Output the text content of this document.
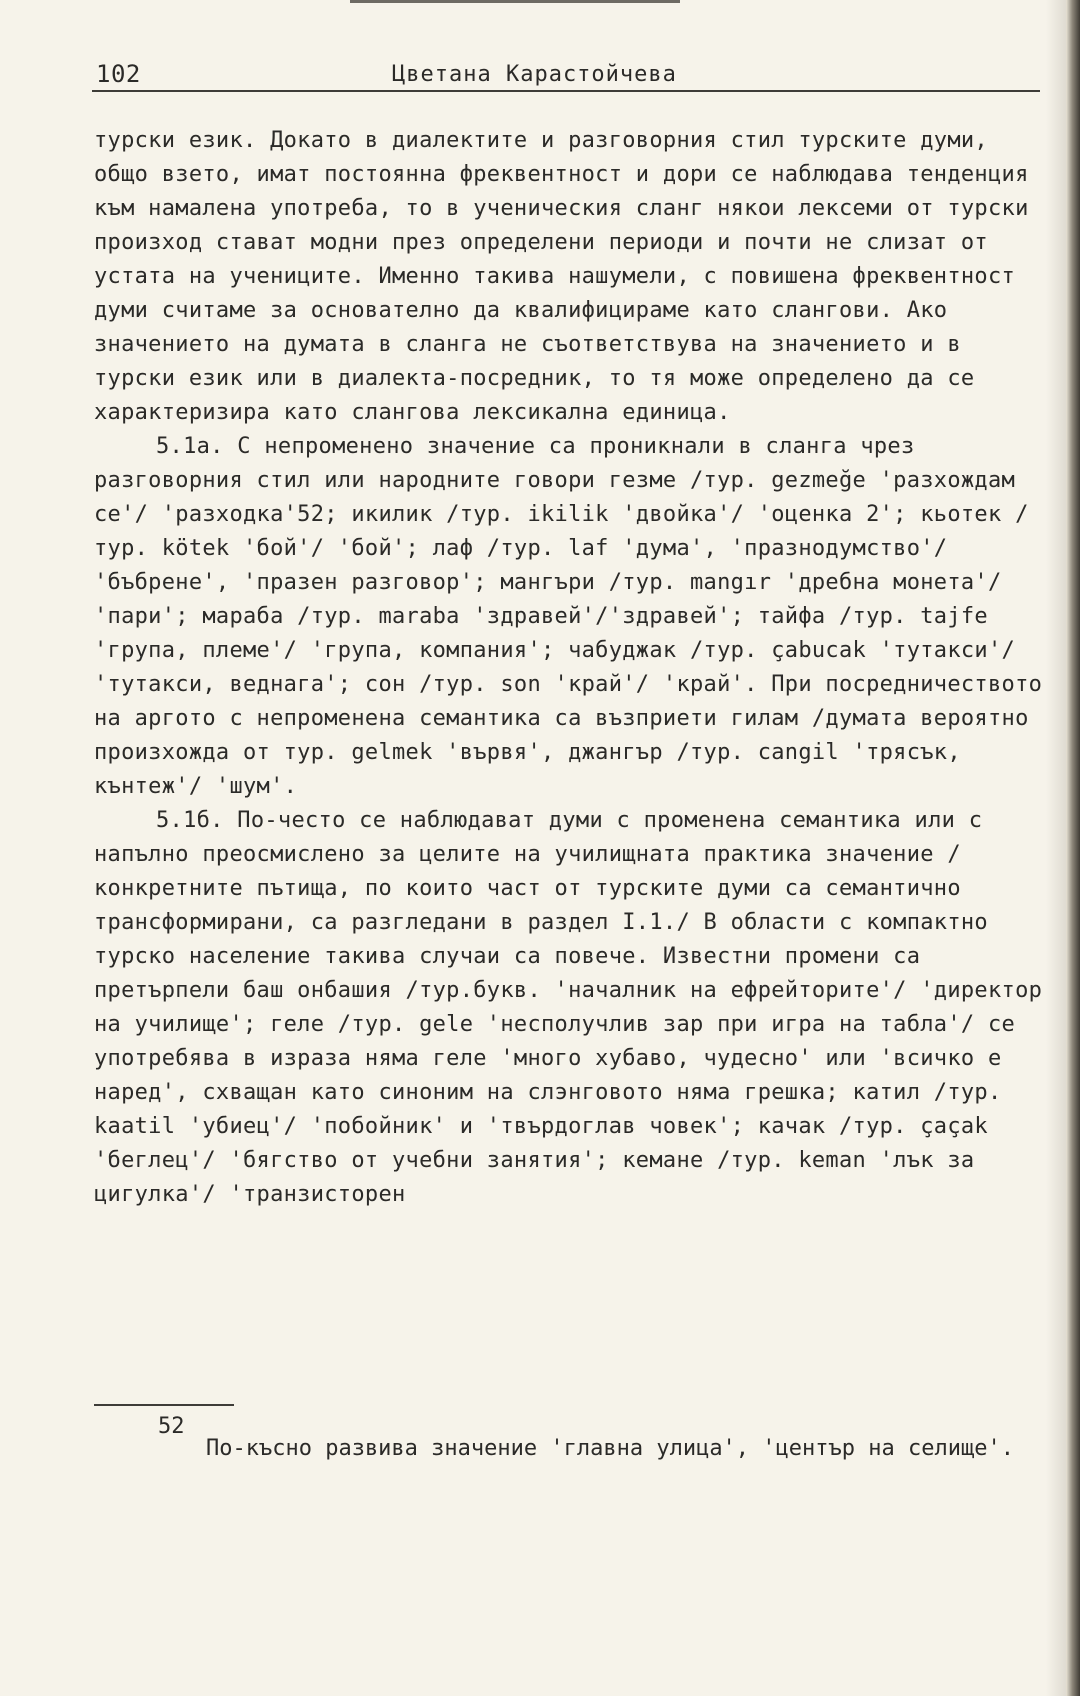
102	Цветана Карастойчева

турски език. Докато в диалектите и разговорния стил турските думи, общо взето, имат постоянна фреквентност и дори се наблюдава тенденция към намалена употреба, то в ученическия сланг някои лексеми от турски произход стават модни през определени периоди и почти не слизат от устата на учениците. Именно такива нашумели, с повишена фреквентност думи считаме за основателно да квалифицираме като слангови. Ако значението на думата в сланга не съответствува на значението и в турски език или в диалекта-посредник, то тя може определено да се характеризира като слангова лексикална единица.

5.1а. С непроменено значение са проникнали в сланга чрез разговорния стил или народните говори гезме /тур. gezmeğe 'разхождам се'/ 'разходка'52; икилик /тур. ikilik 'двойка'/ 'оценка 2'; кьотек /тур. kötek 'бой'/ 'бой'; лаф /тур. laf 'дума', 'празнодумство'/ 'бъбрене', 'празен разговор'; мангъри /тур. mangır 'дребна монета'/ 'пари'; мараба /тур. maraba 'здравей'/'здравей'; тайфа /тур. tajfe 'група, племе'/ 'група, компания'; чабуджак /тур. çabucak 'тутакси'/ 'тутакси, веднага'; сон /тур. son 'край'/ 'край'. При посредничеството на аргото с непроменена семантика са възприети гилам /думата вероятно произхожда от тур. gelmek 'вървя', джангър /тур. cangil 'трясък, кънтеж'/ 'шум'.

5.1б. По-често се наблюдават думи с променена семантика или с напълно преосмислено за целите на училищната практика значение /конкретните пътища, по които част от турските думи са семантично трансформирани, са разгледани в раздел I.1./ В области с компактно турско население такива случаи са повече. Известни промени са претърпели баш онбашия /тур.букв. 'началник на ефрейторите'/ 'директор на училище'; геле /тур. gele 'несполучлив зар при игра на табла'/ се употребява в израза няма геле 'много хубаво, чудесно' или 'всичко е наред', схващан като синоним на слэнговото няма грешка; катил /тур. kaatil 'убиец'/ 'побойник' и 'твърдоглав човек'; качак /тур. çaçak 'беглец'/ 'бягство от учебни занятия'; кемане /тур. keman 'лък за цигулка'/ 'транзисторен

52

По-късно развива значение 'главна улица', 'център на селище'.
